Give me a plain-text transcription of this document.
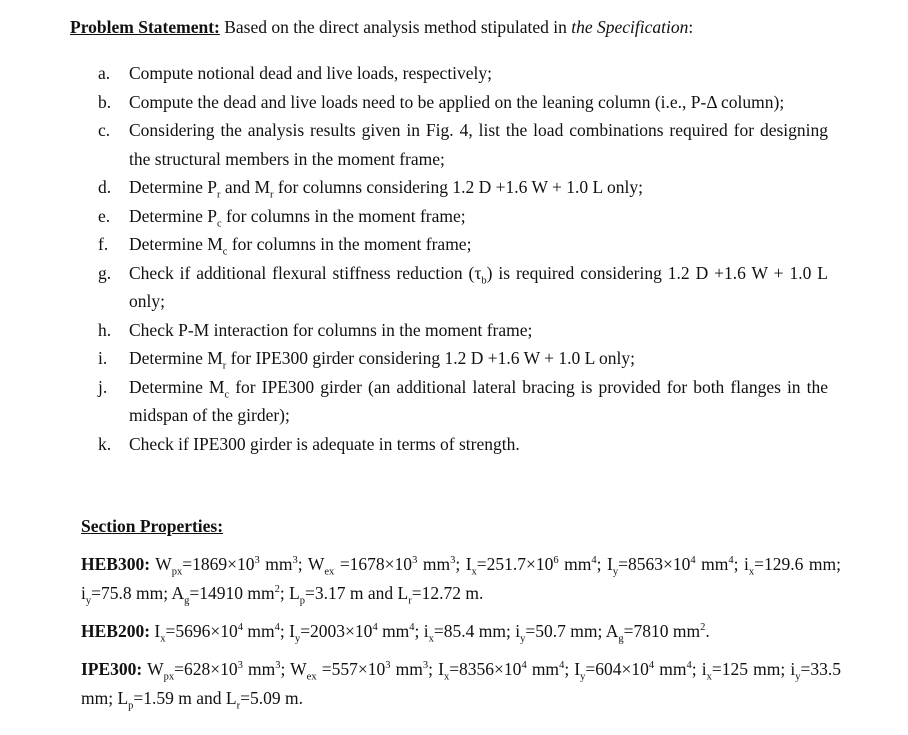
Problem Statement: Based on the direct analysis method stipulated in the Specification:
a. Compute notional dead and live loads, respectively;
b. Compute the dead and live loads need to be applied on the leaning column (i.e., P-Δ column);
c. Considering the analysis results given in Fig. 4, list the load combinations required for designing the structural members in the moment frame;
d. Determine $P_r$ and $M_r$ for columns considering 1.2 D +1.6 W + 1.0 L only;
e. Determine $P_c$ for columns in the moment frame;
f. Determine $M_c$ for columns in the moment frame;
g. Check if additional flexural stiffness reduction $(\tau_b)$ is required considering 1.2 D +1.6 W + 1.0 L only;
h. Check P-M interaction for columns in the moment frame;
i. Determine $M_r$ for IPE300 girder considering 1.2 D +1.6 W + 1.0 L only;
j. Determine $M_c$ for IPE300 girder (an additional lateral bracing is provided for both flanges in the midspan of the girder);
k. Check if IPE300 girder is adequate in terms of strength.
Section Properties:
HEB300: $W_{px}=1869\times 10^3$ $mm^3$; $W_{ex} =1678\times 10^3$ $mm^3$; $I_x=251.7\times 10^6$ $mm^4$; $I_y=8563\times 10^4$ $mm^4$; $i_x=129.6$ mm; $i_y=75.8$ mm; $A_g=14910$ $mm^2$; $L_p=3.17$ m and $L_r=12.72$ m.
HEB200: $I_x=5696\times 10^4$ $mm^4$; $I_y=2003\times 10^4$ $mm^4$; $i_x=85.4$ mm; $i_y=50.7$ mm; $A_g=7810$ $mm^2$.
IPE300: $W_{px}=628\times 10^3$ $mm^3$; $W_{ex} =557\times 10^3$ $mm^3$; $I_x=8356\times 10^4$ $mm^4$; $I_y=604\times 10^4$ $mm^4$; $i_x=125$ mm; $i_y=33.5$ mm; $L_p=1.59$ m and $L_r=5.09$ m.
